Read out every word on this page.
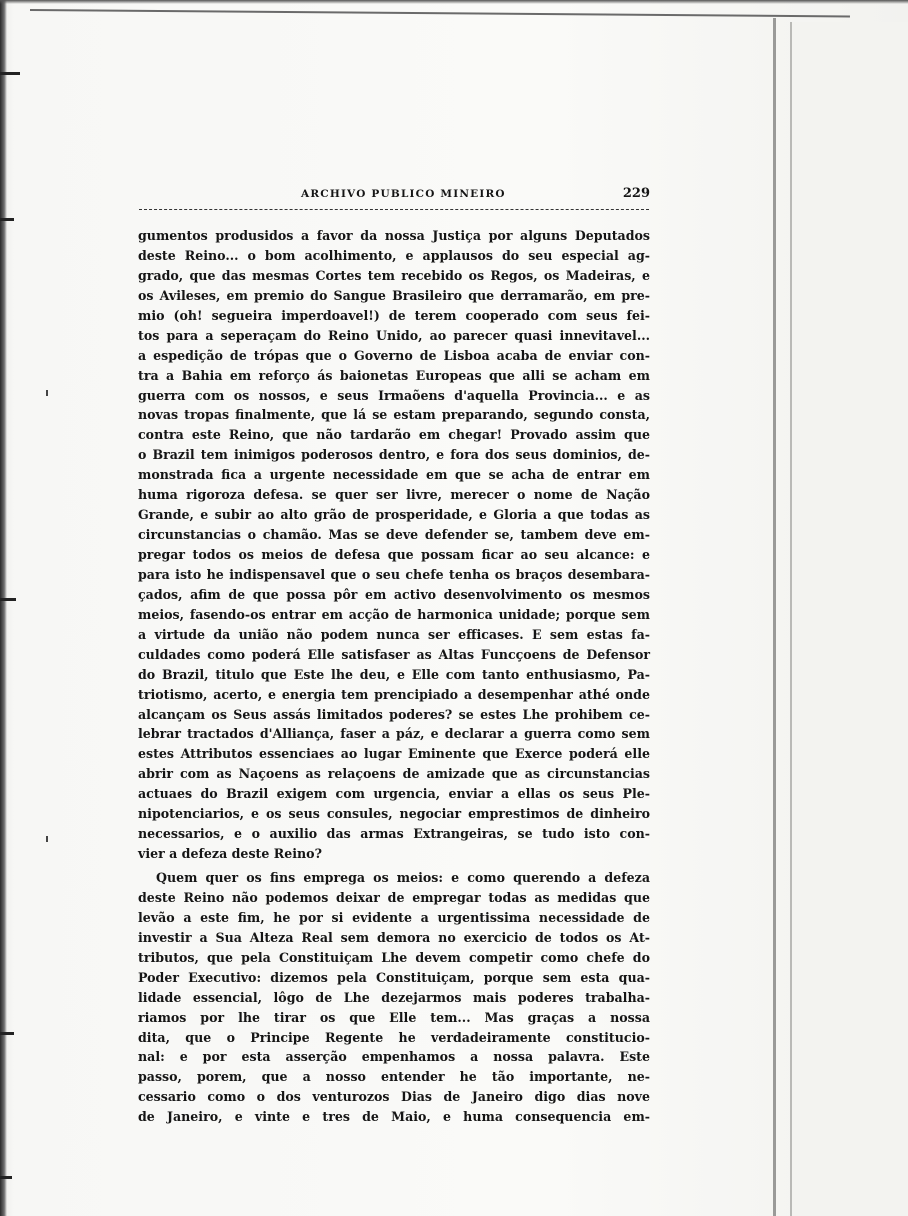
ARCHIVO PUBLICO MINEIRO	229
gumentos produsidos a favor da nossa Justiça por alguns Deputados
deste Reino... o bom acolhimento, e applausos do seu especial ag-
grado, que das mesmas Cortes tem recebido os Regos, os Madeiras, e
os Avileses, em premio do Sangue Brasileiro que derramarão, em pre-
mio (oh! segueira imperdoavel!) de terem cooperado com seus fei-
tos para a seperaçam do Reino Unido, ao parecer quasi innevitavel...
a espedição de trópas que o Governo de Lisboa acaba de enviar con-
tra a Bahia em reforço ás baionetas Europeas que alli se acham em
guerra com os nossos, e seus Irmaõens d'aquella Provincia... e as
novas tropas finalmente, que lá se estam preparando, segundo consta,
contra este Reino, que não tardarão em chegar! Provado assim que
o Brazil tem inimigos poderosos dentro, e fora dos seus dominios, de-
monstrada fica a urgente necessidade em que se acha de entrar em
huma rigoroza defesa. se quer ser livre, merecer o nome de Nação
Grande, e subir ao alto grão de prosperidade, e Gloria a que todas as
circunstancias o chamão. Mas se deve defender se, tambem deve em-
pregar todos os meios de defesa que possam ficar ao seu alcance: e
para isto he indispensavel que o seu chefe tenha os braços desembara-
çados, afim de que possa pôr em activo desenvolvimento os mesmos
meios, fasendo-os entrar em acção de harmonica unidade; porque sem
a virtude da união não podem nunca ser efficases. E sem estas fa-
culdades como poderá Elle satisfaser as Altas Funcçoens de Defensor
do Brazil, titulo que Este lhe deu, e Elle com tanto enthusiasmo, Pa-
triotismo, acerto, e energia tem prencipiado a desempenhar athé onde
alcançam os Seus assás limitados poderes? se estes Lhe prohibem ce-
lebrar tractados d'Alliança, faser a páz, e declarar a guerra como sem
estes Attributos essenciaes ao lugar Eminente que Exerce poderá elle
abrir com as Naçoens as relaçoens de amizade que as circunstancias
actuaes do Brazil exigem com urgencia, enviar a ellas os seus Ple-
nipotenciarios, e os seus consules, negociar emprestimos de dinheiro
necessarios, e o auxilio das armas Extrangeiras, se tudo isto con-
vier a defeza deste Reino?
Quem quer os fins emprega os meios: e como querendo a defeza
deste Reino não podemos deixar de empregar todas as medidas que
levão a este fim, he por si evidente a urgentissima necessidade de
investir a Sua Alteza Real sem demora no exercicio de todos os At-
tributos, que pela Constituiçam Lhe devem competir como chefe do
Poder Executivo: dizemos pela Constituiçam, porque sem esta qua-
lidade essencial, lôgo de Lhe dezejarmos mais poderes trabalha-
riamos por lhe tirar os que Elle tem... Mas graças a nossa
dita, que o Principe Regente he verdadeiramente constitucio-
nal: e por esta asserção empenhamos a nossa palavra. Este
passo, porem, que a nosso entender he tão importante, ne-
cessario como o dos venturozos Dias de Janeiro digo dias nove
de Janeiro, e vinte e tres de Maio, e huma consequencia em-
